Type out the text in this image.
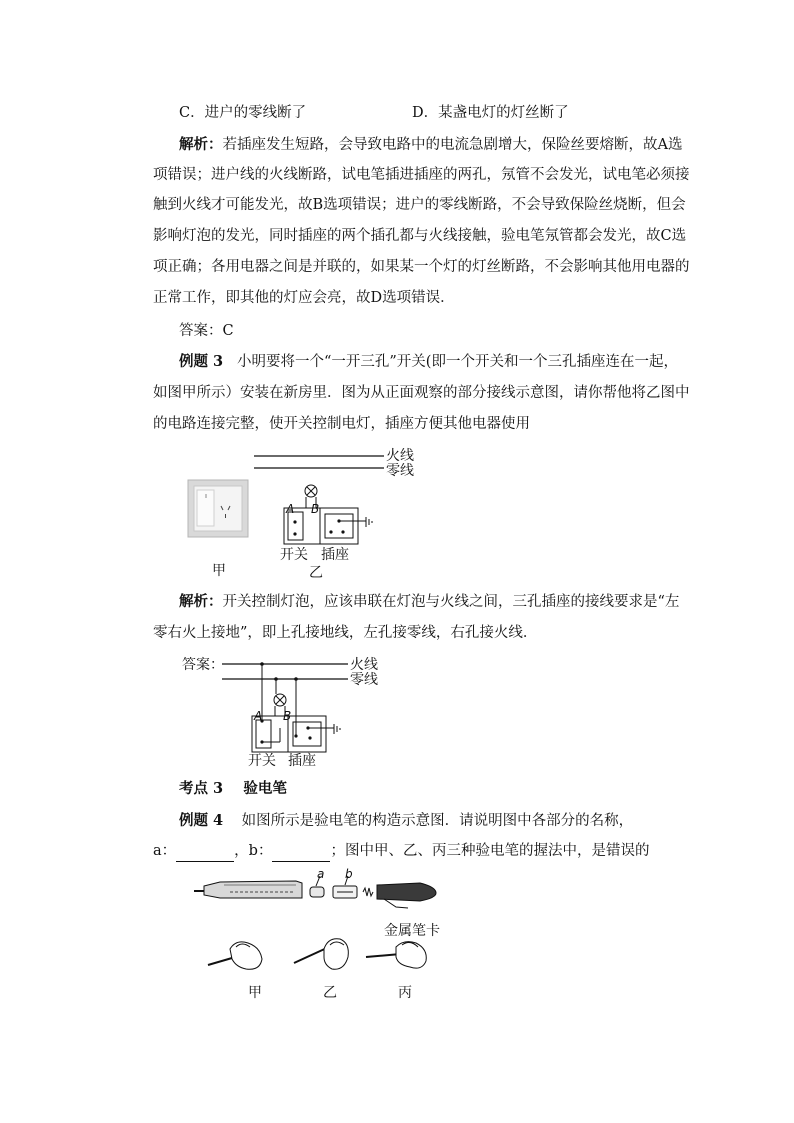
C．进户的零线断了	D．某盏电灯的灯丝断了
解析：若插座发生短路，会导致电路中的电流急剧增大，保险丝要熔断，故A选
项错误；进户线的火线断路，试电笔插进插座的两孔，氖管不会发光，试电笔必须接
触到火线才可能发光，故B选项错误；进户的零线断路，不会导致保险丝烧断，但会
影响灯泡的发光，同时插座的两个插孔都与火线接触，验电笔氖管都会发光，故C选
项正确；各用电器之间是并联的，如果某一个灯的灯丝断路，不会影响其他用电器的
正常工作，即其他的灯应会亮，故D选项错误．
答案：C
例题 3 小明要将一个“一开三孔”开关(即一个开关和一个三孔插座连在一起，
如图甲所示）安装在新房里．图为从正面观察的部分接线示意图，请你帮他将乙图中
的电路连接完整，使开关控制电灯，插座方便其他电器使用
火线
零线
A B
开关 插座
甲	乙
解析：开关控制灯泡，应该串联在灯泡与火线之间，三孔插座的接线要求是“左
零右火上接地”，即上孔接地线，左孔接零线，右孔接火线．
答案：	火线
零线
A B
开关 插座
考点 3 验电笔
例题 4 如图所示是验电笔的构造示意图．请说明图中各部分的名称，
a：	，b：	；图中甲、乙、丙三种验电笔的握法中，是错误的
a b
金属笔卡
甲	乙	丙
